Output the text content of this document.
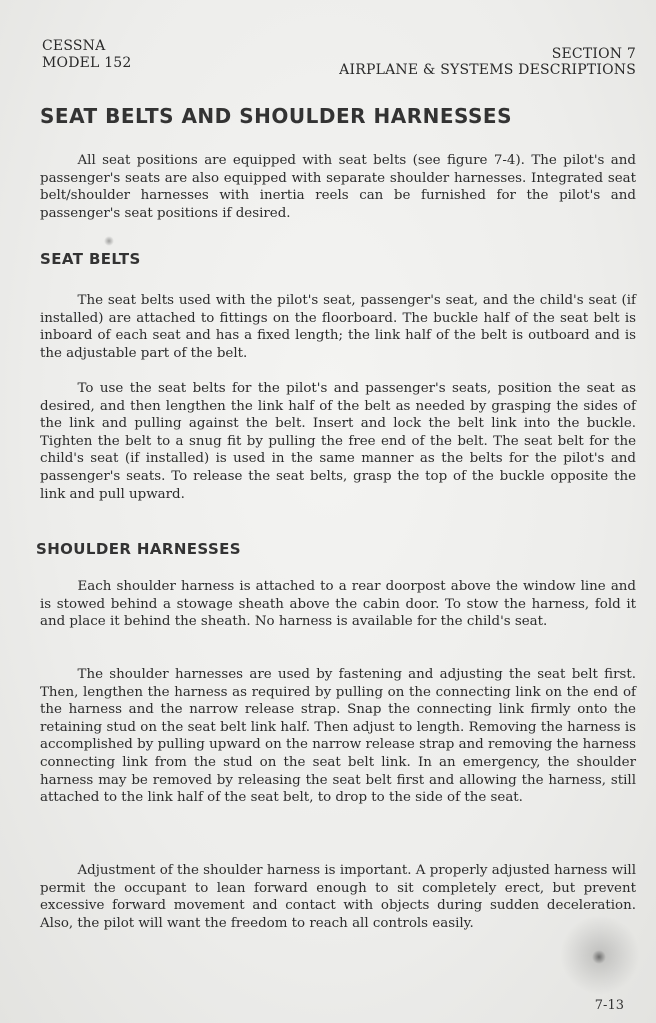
CESSNA
MODEL 152
SECTION 7
AIRPLANE & SYSTEMS DESCRIPTIONS
SEAT BELTS AND SHOULDER HARNESSES

All seat positions are equipped with seat belts (see figure 7-4). The pilot's and passenger's seats are also equipped with separate shoulder harnesses. Integrated seat belt/shoulder harnesses with inertia reels can be furnished for the pilot's and passenger's seat positions if desired.

SEAT BELTS

The seat belts used with the pilot's seat, passenger's seat, and the child's seat (if installed) are attached to fittings on the floorboard. The buckle half of the seat belt is inboard of each seat and has a fixed length; the link half of the belt is outboard and is the adjustable part of the belt.

To use the seat belts for the pilot's and passenger's seats, position the seat as desired, and then lengthen the link half of the belt as needed by grasping the sides of the link and pulling against the belt. Insert and lock the belt link into the buckle. Tighten the belt to a snug fit by pulling the free end of the belt. The seat belt for the child's seat (if installed) is used in the same manner as the belts for the pilot's and passenger's seats. To release the seat belts, grasp the top of the buckle opposite the link and pull upward.

SHOULDER HARNESSES

Each shoulder harness is attached to a rear doorpost above the window line and is stowed behind a stowage sheath above the cabin door. To stow the harness, fold it and place it behind the sheath. No harness is available for the child's seat.

The shoulder harnesses are used by fastening and adjusting the seat belt first. Then, lengthen the harness as required by pulling on the connecting link on the end of the harness and the narrow release strap. Snap the connecting link firmly onto the retaining stud on the seat belt link half. Then adjust to length. Removing the harness is accomplished by pulling upward on the narrow release strap and removing the harness connecting link from the stud on the seat belt link. In an emergency, the shoulder harness may be removed by releasing the seat belt first and allowing the harness, still attached to the link half of the seat belt, to drop to the side of the seat.

Adjustment of the shoulder harness is important. A properly adjusted harness will permit the occupant to lean forward enough to sit completely erect, but prevent excessive forward movement and contact with objects during sudden deceleration. Also, the pilot will want the freedom to reach all controls easily.

7-13
